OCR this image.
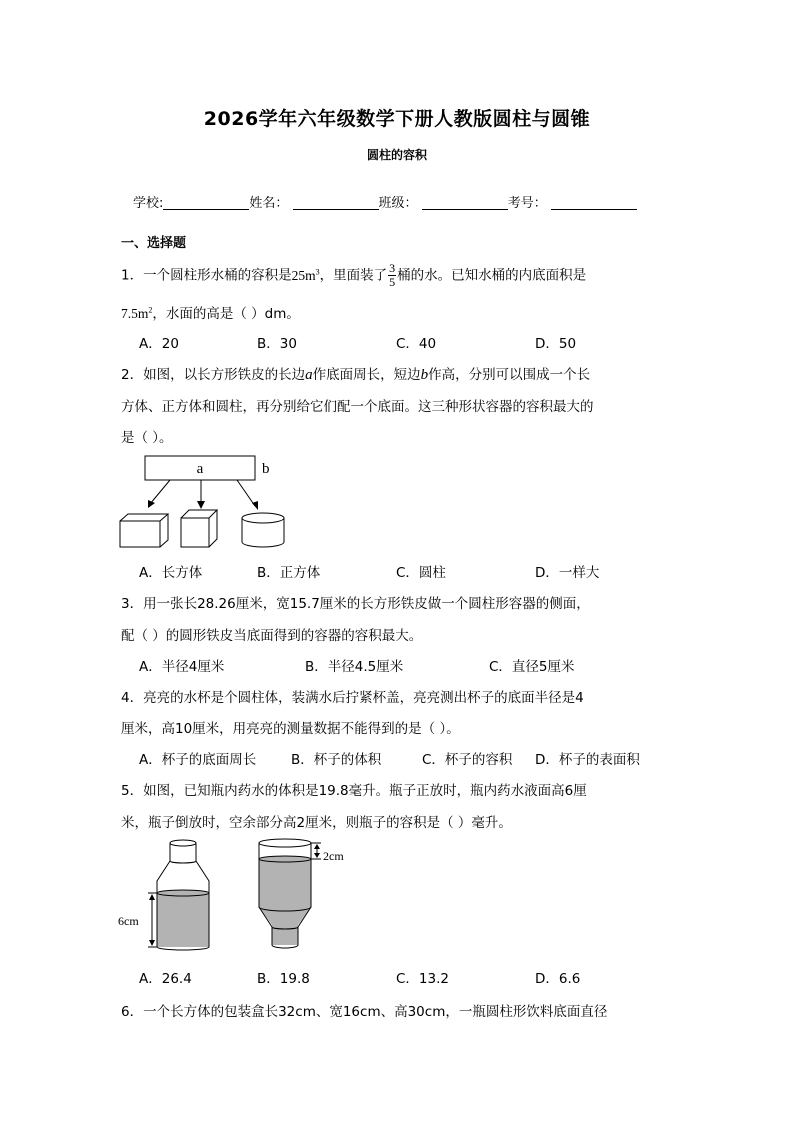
2026学年六年级数学下册人教版圆柱与圆锥
圆柱的容积
学校:	姓名：	班级：	考号：
一、选择题
1．一个圆柱形水桶的容积是$25m^3$，里面装了 $\frac{3}{5}$ 桶的水。已知水桶的内底面积是
$7.5m^2$，水面的高是（ ）dm。
A．20	B．30	C．40	D．50
2．如图，以长方形铁皮的长边a作底面周长，短边b作高，分别可以围成一个长
方体、正方体和圆柱，再分别给它们配一个底面。这三种形状容器的容积最大的
是（ ）。
a	b
A．长方体	B．正方体	C．圆柱	D．一样大
3．用一张长28.26厘米，宽15.7厘米的长方形铁皮做一个圆柱形容器的侧面，
配（ ）的圆形铁皮当底面得到的容器的容积最大。
A．半径4厘米	B．半径4.5厘米	C．直径5厘米
4．亮亮的水杯是个圆柱体，装满水后拧紧杯盖，亮亮测出杯子的底面半径是4
厘米，高10厘米，用亮亮的测量数据不能得到的是（ ）。
A．杯子的底面周长	B．杯子的体积	C．杯子的容积 D．杯子的表面积
5．如图，已知瓶内药水的体积是19.8毫升。瓶子正放时，瓶内药水液面高6厘
米，瓶子倒放时，空余部分高2厘米，则瓶子的容积是（ ）毫升。
6cm
2cm
A．26.4	B．19.8	C．13.2	D．6.6
6．一个长方体的包装盒长32cm、宽16cm、高30cm，一瓶圆柱形饮料底面直径
